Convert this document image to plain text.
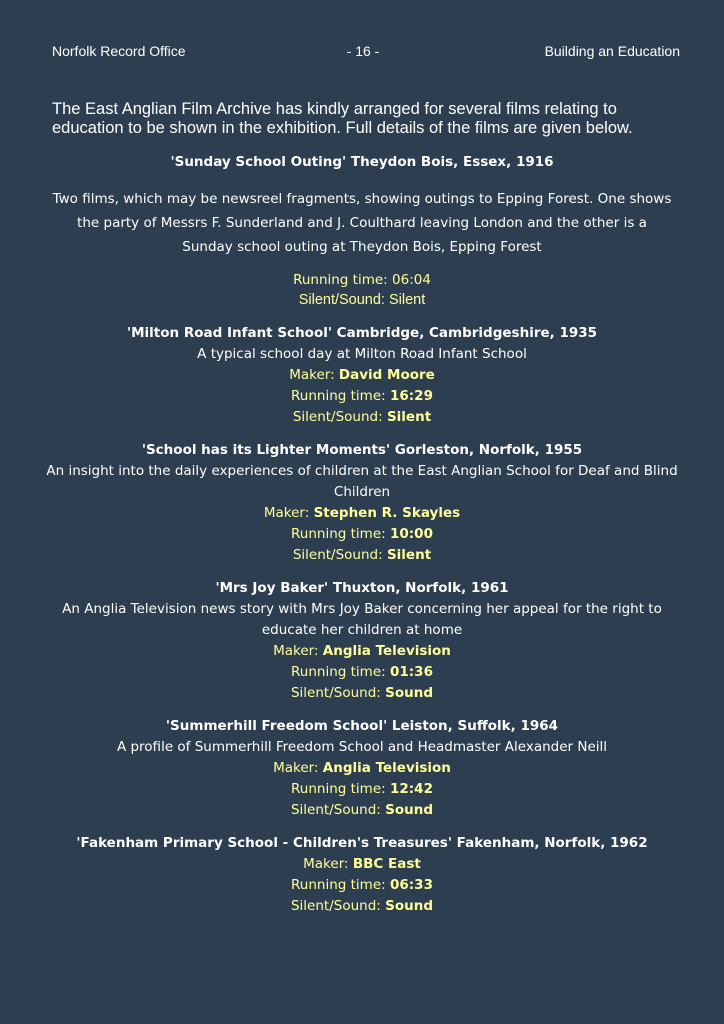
Norfolk Record Office	- 16 -	Building an Education
The East Anglian Film Archive has kindly arranged for several films relating to education to be shown in the exhibition. Full details of the films are given below.
'Sunday School Outing' Theydon Bois, Essex, 1916
Two films, which may be newsreel fragments, showing outings to Epping Forest. One shows the party of Messrs F. Sunderland and J. Coulthard leaving London and the other is a Sunday school outing at Theydon Bois, Epping Forest
Running time: 06:04
Silent/Sound: Silent
'Milton Road Infant School' Cambridge, Cambridgeshire, 1935
A typical school day at Milton Road Infant School
Maker: David Moore
Running time: 16:29
Silent/Sound: Silent
'School has its Lighter Moments' Gorleston, Norfolk, 1955
An insight into the daily experiences of children at the East Anglian School for Deaf and Blind Children
Maker: Stephen R. Skayles
Running time: 10:00
Silent/Sound: Silent
'Mrs Joy Baker' Thuxton, Norfolk, 1961
An Anglia Television news story with Mrs Joy Baker concerning her appeal for the right to educate her children at home
Maker: Anglia Television
Running time: 01:36
Silent/Sound: Sound
'Summerhill Freedom School' Leiston, Suffolk, 1964
A profile of Summerhill Freedom School and Headmaster Alexander Neill
Maker: Anglia Television
Running time: 12:42
Silent/Sound: Sound
'Fakenham Primary School - Children's Treasures' Fakenham, Norfolk, 1962
Maker: BBC East
Running time: 06:33
Silent/Sound: Sound
